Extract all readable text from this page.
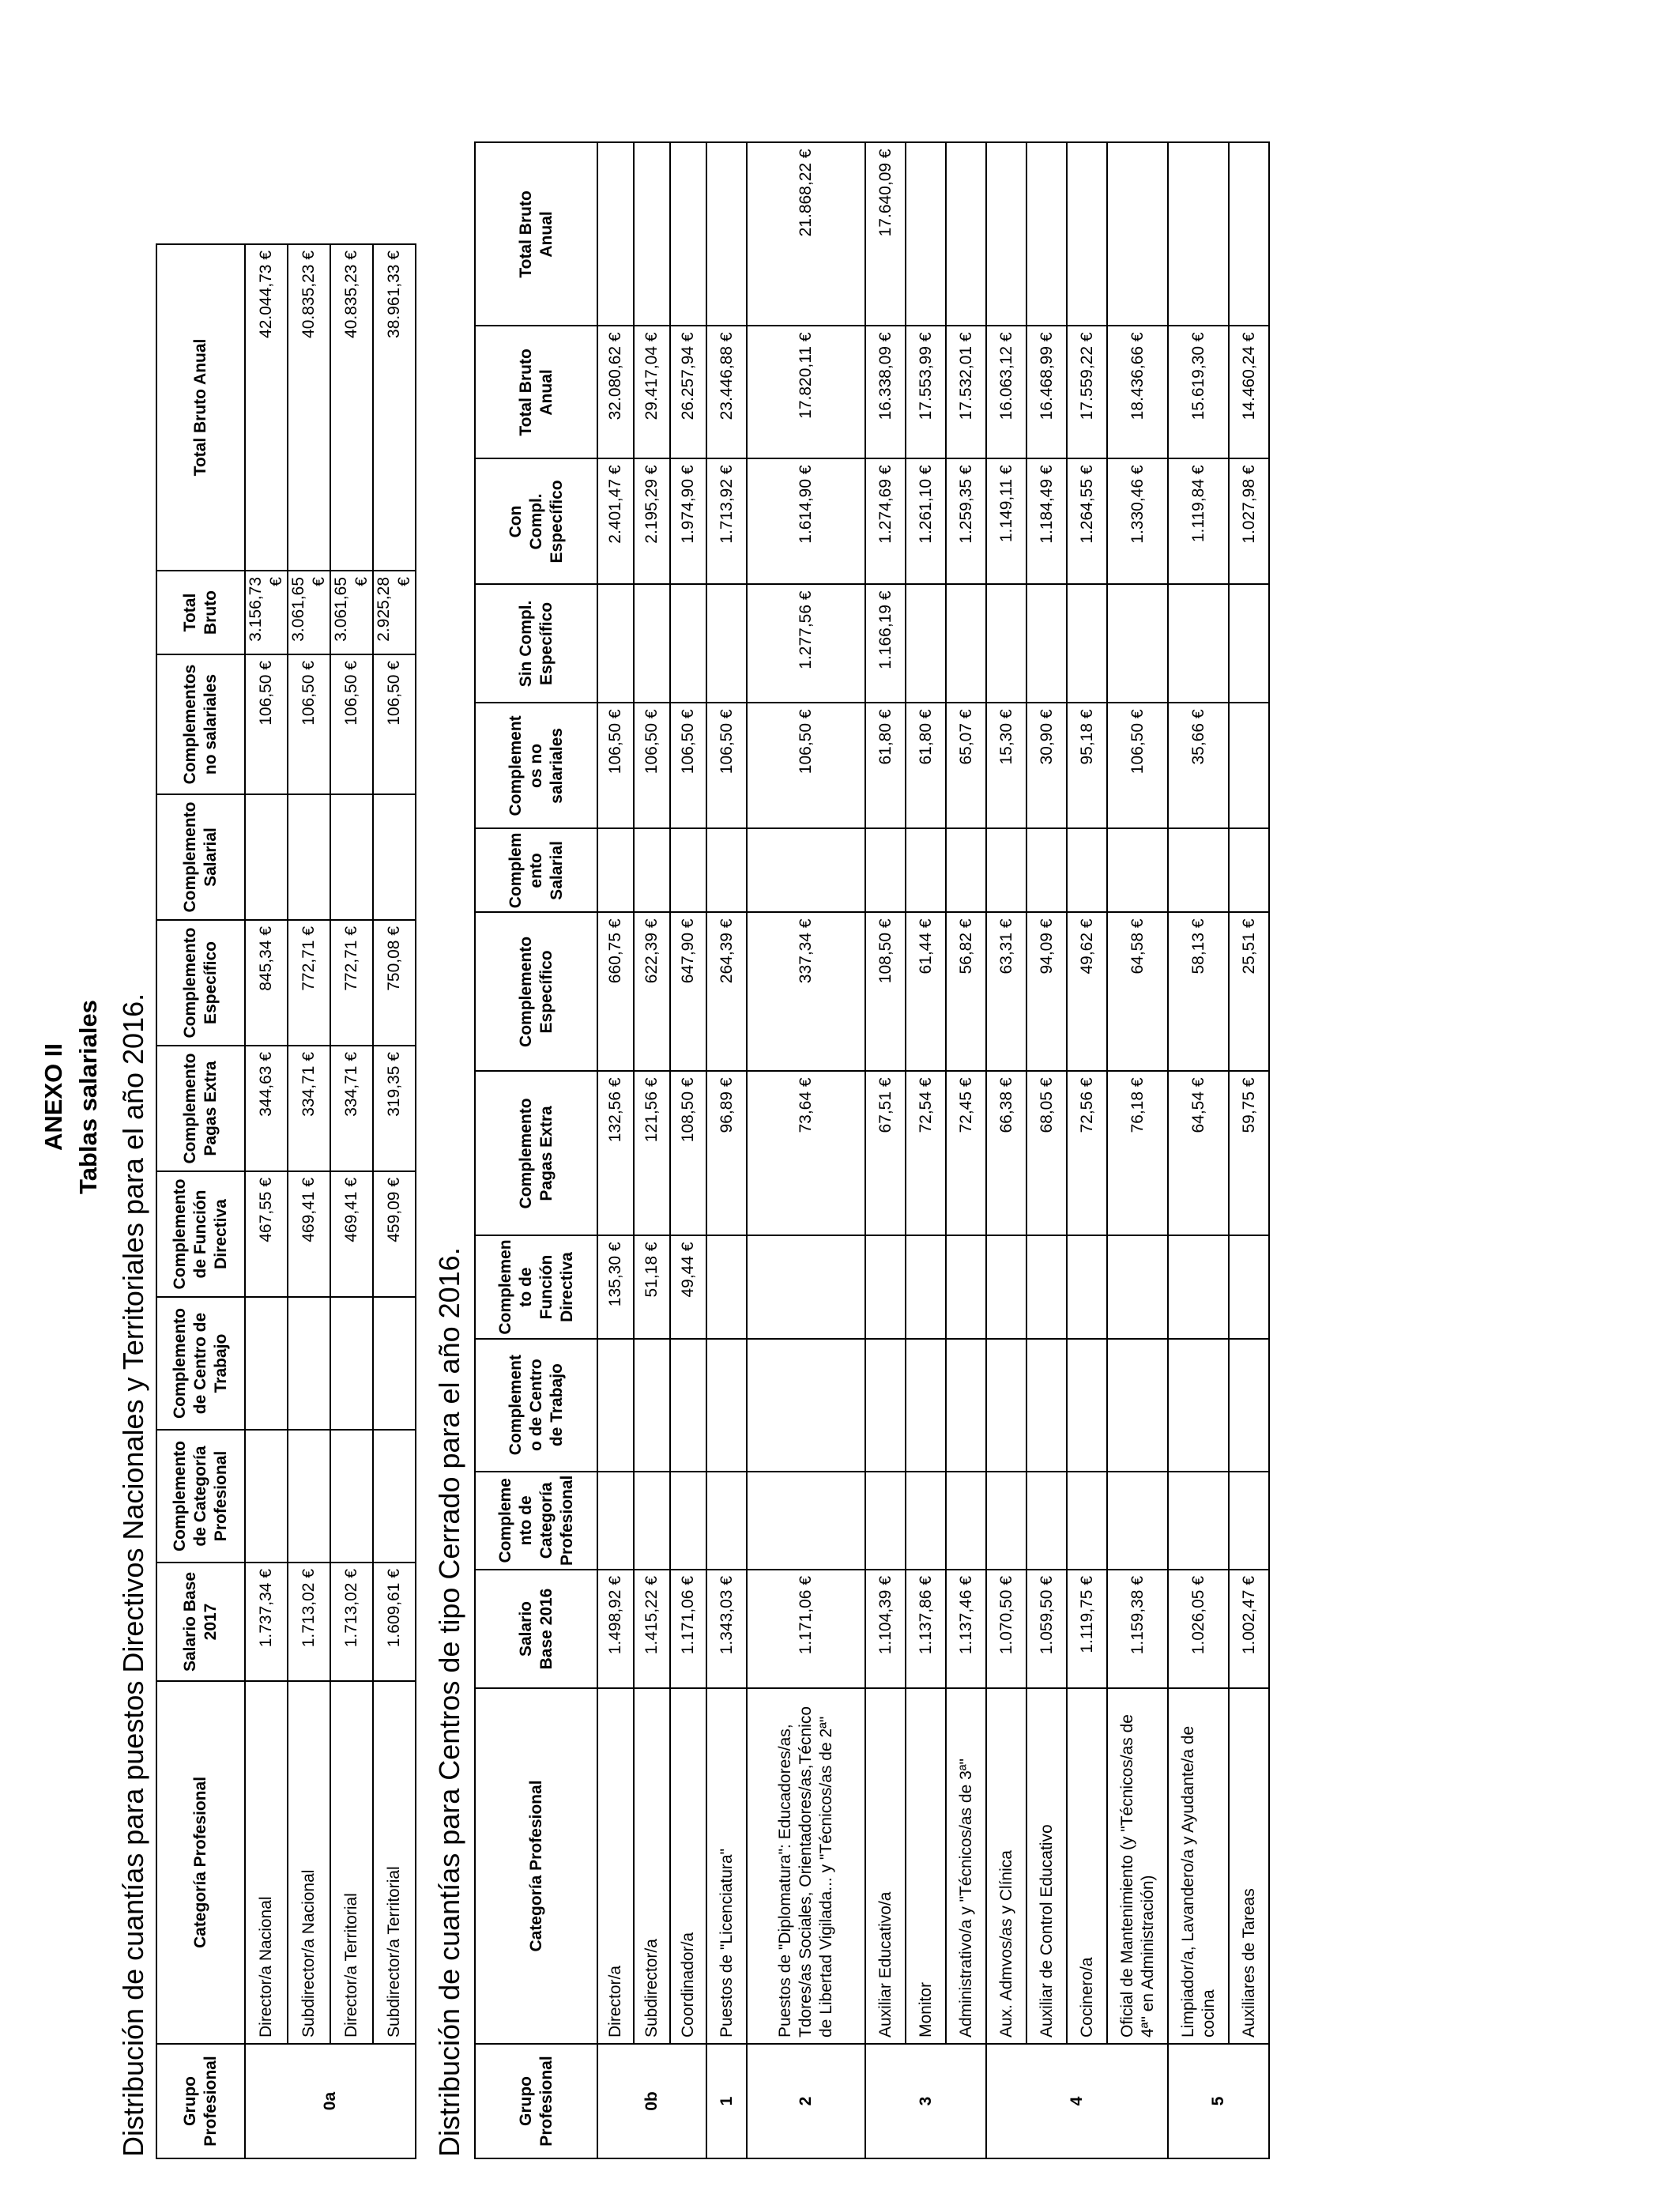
ANEXO II Tablas salariales Distribución de cuantías para puestos Directivos Nacionales y Territoriales para el año 2016. Grupo Profesional	Categoría Profesional	Salario Base 2017	Complemento de Categoría Profesional	Complemento de Centro de Trabajo	Complemento de Función Directiva	Complemento Pagas Extra	Complemento Específico	Complemento Salarial	Complementos no salariales	Total Bruto	Total Bruto Anual
0a	Director/a Nacional	1.737,34 €			467,55 €	344,63 €	845,34 €		106,50 €	3.156,73 €	42.044,73 €
	Subdirector/a Nacional	1.713,02 €			469,41 €	334,71 €	772,71 €		106,50 €	3.061,65 €	40.835,23 €
	Director/a Territorial	1.713,02 €			469,41 €	334,71 €	772,71 €		106,50 €	3.061,65 €	40.835,23 €
	Subdirector/a Territorial	1.609,61 €			459,09 €	319,35 €	750,08 €		106,50 €	2.925,28 €	38.961,33 €
Distribución de cuantías para Centros de tipo Cerrado para el año 2016.	Grupo Profesional	Categoría Profesional	Salario Base 2016	Compleme nto de Categoría Profesional	Complement o de Centro de Trabajo	Complemen to de Función Directiva	Complemento Pagas Extra	Complemento Específico	Complem ento Salarial	Complement os no salariales	Sin Compl. Específico	Con Compl. Específico	Total Bruto Anual	Total Bruto Anual
0b	Director/a	1.498,92 €			135,30 €	132,56 €	660,75 €		106,50 €		2.401,47 €	32.080,62 €	
	Subdirector/a	1.415,22 €			51,18 €	121,56 €	622,39 €		106,50 €		2.195,29 €	29.417,04 €	
	Coordinador/a	1.171,06 €			49,44 €	108,50 €	647,90 €		106,50 €		1.974,90 €	26.257,94 €	
1	Puestos de "Licenciatura"	1.343,03 €				96,89 €	264,39 €		106,50 €		1.713,92 €	23.446,88 €	
2	Puestos de "Diplomatura": Educadores/as, Tdores/as Sociales, Orientadores/as,Técnico de Libertad Vigilada... y "Técnicos/as de 2ª"	1.171,06 €				73,64 €	337,34 €		106,50 €	1.277,56 €	1.614,90 €	17.820,11 €	21.868,22 €
3	Auxiliar Educativo/a	1.104,39 €				67,51 €	108,50 €		61,80 €	1.166,19 €	1.274,69 €	16.338,09 €	17.640,09 €
	Monitor	1.137,86 €				72,54 €	61,44 €		61,80 €		1.261,10 €	17.553,99 €	
	Administrativo/a y "Técnicos/as de 3ª"	1.137,46 €				72,45 €	56,82 €		65,07 €		1.259,35 €	17.532,01 €	
4	Aux. Admvos/as y Clínica	1.070,50 €				66,38 €	63,31 €		15,30 €		1.149,11 €	16.063,12 €	
	Auxiliar de Control Educativo	1.059,50 €				68,05 €	94,09 €		30,90 €		1.184,49 €	16.468,99 €	
	Cocinero/a	1.119,75 €				72,56 €	49,62 €		95,18 €		1.264,55 €	17.559,22 €	
	Oficial de Mantenimiento (y "Técnicos/as de 4ª" en Administración)	1.159,38 €				76,18 €	64,58 €		106,50 €		1.330,46 €	18.436,66 €	
5	Limpiador/a, Lavandero/a y Ayudante/a de cocina	1.026,05 €				64,54 €	58,13 €		35,66 €		1.119,84 €	15.619,30 €	
	Auxiliares de Tareas	1.002,47 €				59,75 €	25,51 €				1.027,98 €	14.460,24 €	
